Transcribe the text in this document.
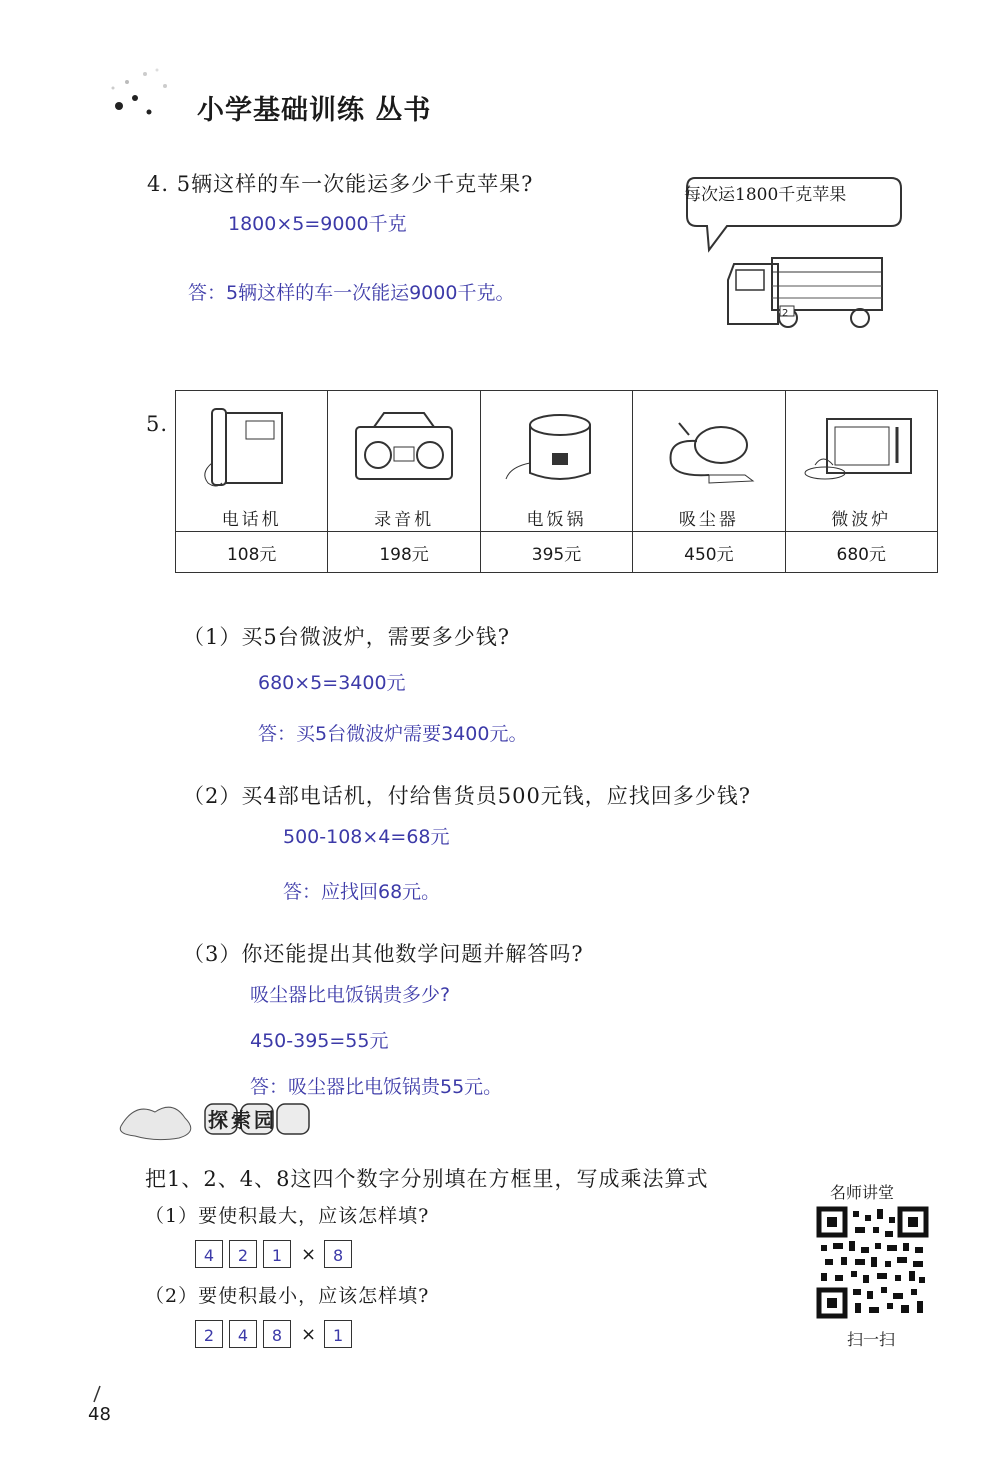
小学基础训练 丛书
4. 5辆这样的车一次能运多少千克苹果?	每次运1800千克苹果
2
1800×5=9000千克
答：5辆这样的车一次能运9000千克。
5.
电话机	录音机	电饭锅	吸尘器	微波炉

108元	198元	395元	450元	680元
（1）买5台微波炉，需要多少钱?
680×5=3400元
答：买5台微波炉需要3400元。
（2）买4部电话机，付给售货员500元钱，应找回多少钱?
500-108×4=68元
答：应找回68元。
（3）你还能提出其他数学问题并解答吗?
吸尘器比电饭锅贵多少?
450-395=55元
答：吸尘器比电饭锅贵55元。
探索园
把1、2、4、8这四个数字分别填在方框里，写成乘法算式
（1）要使积最大，应该怎样填?
4 2 1 × 8
（2）要使积最小，应该怎样填?
2 4 8 × 1
名师讲堂
扫一扫
48
